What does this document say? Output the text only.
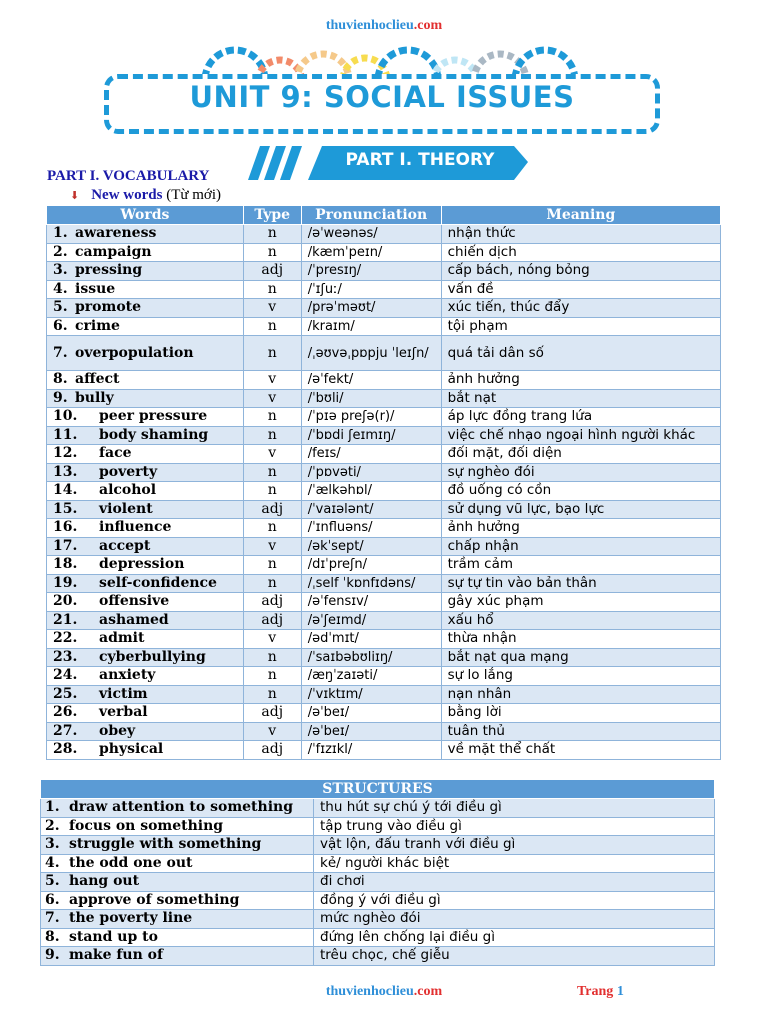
thuvienhoclieu.com
UNIT 9: SOCIAL ISSUES
PART I. THEORY
PART I. VOCABULARY
⬇ New words (Từ mới)
Words	Type	Pronunciation	Meaning
1. awareness	n	/əˈweənəs/	nhận thức
2. campaign	n	/kæmˈpeɪn/	chiến dịch
3. pressing	adj	/ˈpresɪŋ/	cấp bách, nóng bỏng
4. issue	n	/ˈɪʃuː/	vấn đề
5. promote	v	/prəˈməʊt/	xúc tiến, thúc đẩy
6. crime	n	/kraɪm/	tội phạm
7. overpopulation	n	/ˌəʊvəˌpɒpju ˈleɪʃn/	quá tải dân số
8. affect	v	/əˈfekt/	ảnh hưởng
9. bully	v	/ˈbʊli/	bắt nạt
10. peer pressure	n	/ˈpɪə preʃə(r)/	áp lực đồng trang lứa
11. body shaming	n	/ˈbɒdi ʃeɪmɪŋ/	việc chế nhạo ngoại hình người khác
12. face	v	/feɪs/	đối mặt, đối diện
13. poverty	n	/ˈpɒvəti/	sự nghèo đói
14. alcohol	n	/ˈælkəhɒl/	đồ uống có cồn
15. violent	adj	/ˈvaɪələnt/	sử dụng vũ lực, bạo lực
16. influence	n	/ˈɪnfluəns/	ảnh hưởng
17. accept	v	/əkˈsept/	chấp nhận
18. depression	n	/dɪˈpreʃn/	trầm cảm
19. self-confidence	n	/ˌself ˈkɒnfɪdəns/	sự tự tin vào bản thân
20. offensive	adj	/əˈfensɪv/	gây xúc phạm
21. ashamed	adj	/əˈʃeɪmd/	xấu hổ
22. admit	v	/ədˈmɪt/	thừa nhận
23. cyberbullying	n	/ˈsaɪbəbʊliɪŋ/	bắt nạt qua mạng
24. anxiety	n	/æŋˈzaɪəti/	sự lo lắng
25. victim	n	/ˈvɪktɪm/	nạn nhân
26. verbal	adj	/əˈbeɪ/	bằng lời
27. obey	v	/əˈbeɪ/	tuân thủ
28. physical	adj	/ˈfɪzɪkl/	về mặt thể chất
STRUCTURES	
1. draw attention to something	thu hút sự chú ý tới điều gì
2. focus on something	tập trung vào điều gì
3. struggle with something	vật lộn, đấu tranh với điều gì
4. the odd one out	kẻ/ người khác biệt
5. hang out	đi chơi
6. approve of something	đồng ý với điều gì
7. the poverty line	mức nghèo đói
8. stand up to	đứng lên chống lại điều gì
9. make fun of	trêu chọc, chế giễu
thuvienhoclieu.com	Trang 1
